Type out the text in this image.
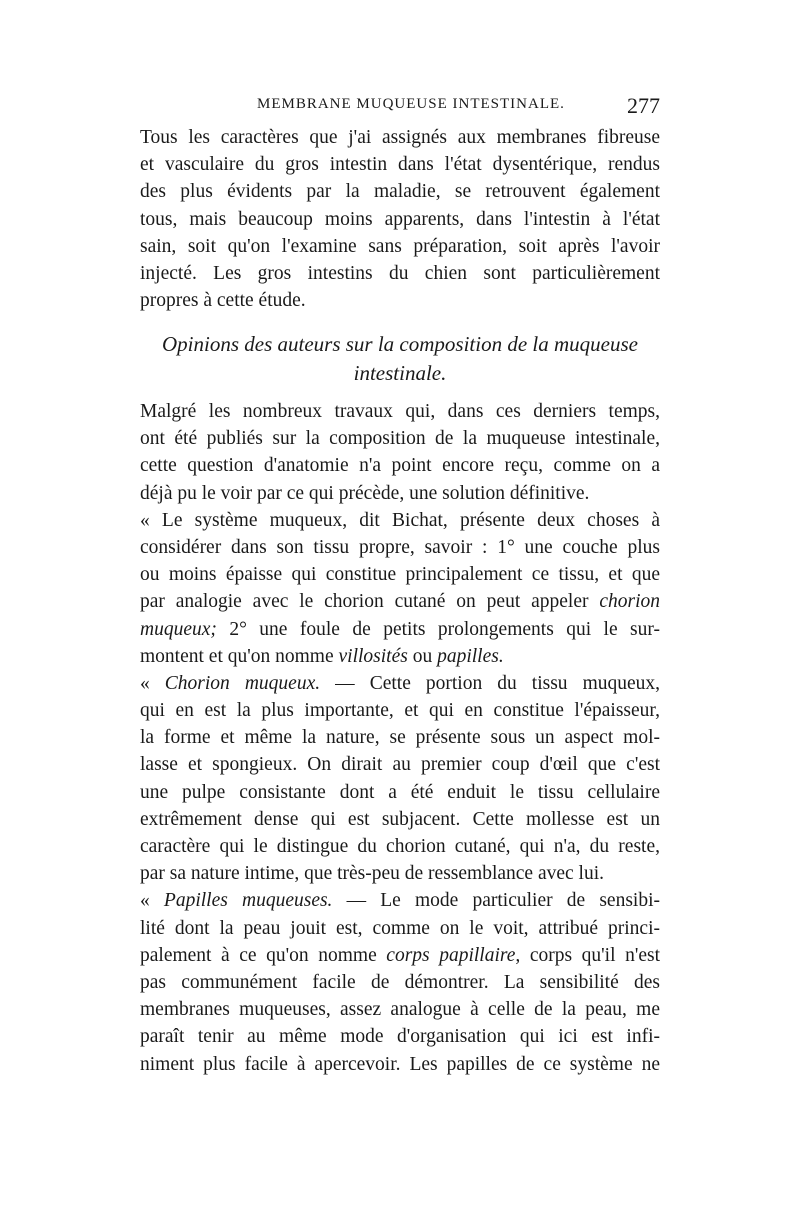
MEMBRANE MUQUEUSE INTESTINALE.	277
Tous les caractères que j'ai assignés aux membranes fibreuse
et vasculaire du gros intestin dans l'état dysentérique, rendus
des plus évidents par la maladie, se retrouvent également
tous, mais beaucoup moins apparents, dans l'intestin à l'état
sain, soit qu'on l'examine sans préparation, soit après l'avoir
injecté. Les gros intestins du chien sont particulièrement
propres à cette étude.
Opinions des auteurs sur la composition de la muqueuse
intestinale.
Malgré les nombreux travaux qui, dans ces derniers temps,
ont été publiés sur la composition de la muqueuse intestinale,
cette question d'anatomie n'a point encore reçu, comme on a
déjà pu le voir par ce qui précède, une solution définitive.
« Le système muqueux, dit Bichat, présente deux choses à
considérer dans son tissu propre, savoir : 1° une couche plus
ou moins épaisse qui constitue principalement ce tissu, et que
par analogie avec le chorion cutané on peut appeler chorion
muqueux; 2° une foule de petits prolongements qui le sur-
montent et qu'on nomme villosités ou papilles.
« Chorion muqueux. — Cette portion du tissu muqueux,
qui en est la plus importante, et qui en constitue l'épaisseur,
la forme et même la nature, se présente sous un aspect mol-
lasse et spongieux. On dirait au premier coup d'œil que c'est
une pulpe consistante dont a été enduit le tissu cellulaire
extrêmement dense qui est subjacent. Cette mollesse est un
caractère qui le distingue du chorion cutané, qui n'a, du reste,
par sa nature intime, que très-peu de ressemblance avec lui.
« Papilles muqueuses. — Le mode particulier de sensibi-
lité dont la peau jouit est, comme on le voit, attribué princi-
palement à ce qu'on nomme corps papillaire, corps qu'il n'est
pas communément facile de démontrer. La sensibilité des
membranes muqueuses, assez analogue à celle de la peau, me
paraît tenir au même mode d'organisation qui ici est infi-
niment plus facile à apercevoir. Les papilles de ce système ne
